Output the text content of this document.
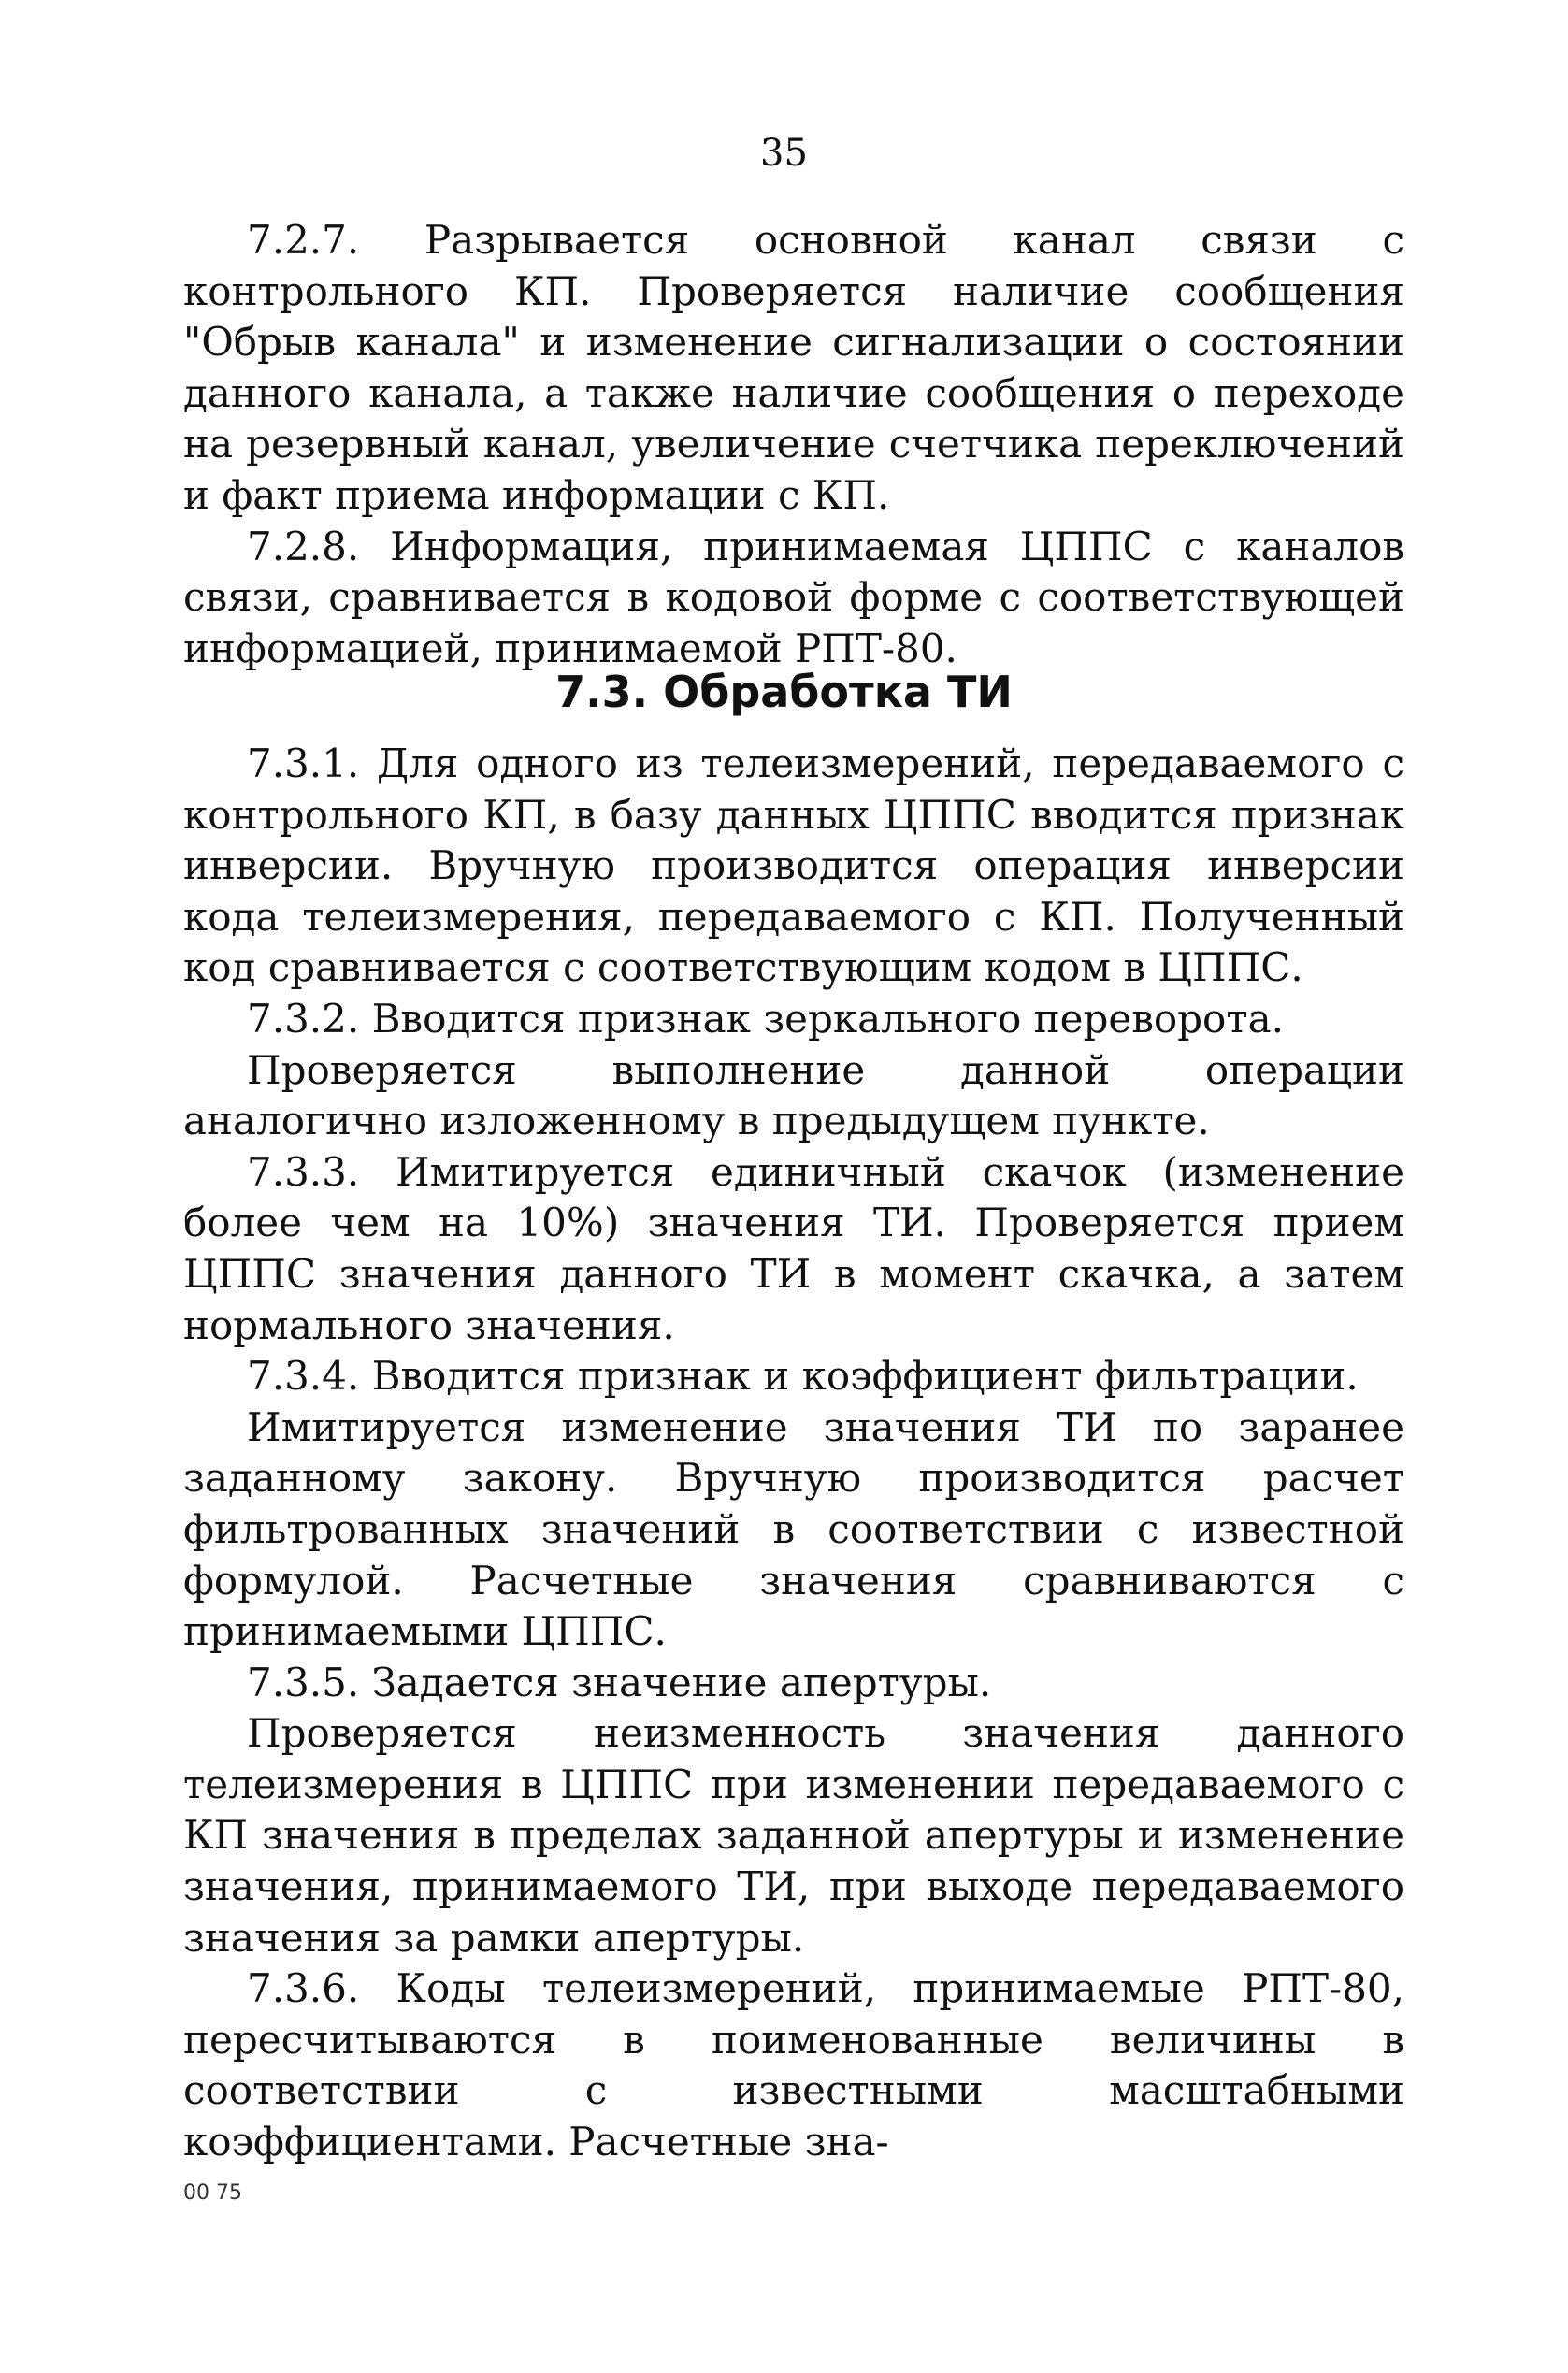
35

7.2.7. Разрывается основной канал связи с контрольного КП. Проверяется наличие сообщения "Обрыв канала" и изменение сигнализации о состоянии данного канала, а также наличие сообщения о переходе на резервный канал, увеличение счетчика переключений и факт приема информации с КП.

7.2.8. Информация, принимаемая ЦППС с каналов связи, сравнивается в кодовой форме с соответствующей информацией, принимаемой РПТ-80.

7.3. Обработка ТИ

7.3.1. Для одного из телеизмерений, передаваемого с контрольного КП, в базу данных ЦППС вводится признак инверсии. Вручную производится операция инверсии кода телеизмерения, передаваемого с КП. Полученный код сравнивается с соответствующим кодом в ЦППС.

7.3.2. Вводится признак зеркального переворота.

Проверяется выполнение данной операции аналогично изложенному в предыдущем пункте.

7.3.3. Имитируется единичный скачок (изменение более чем на 10%) значения ТИ. Проверяется прием ЦППС значения данного ТИ в момент скачка, а затем нормального значения.

7.3.4. Вводится признак и коэффициент фильтрации.

Имитируется изменение значения ТИ по заранее заданному закону. Вручную производится расчет фильтрованных значений в соответствии с известной формулой. Расчетные значения сравниваются с принимаемыми ЦППС.

7.3.5. Задается значение апертуры.

Проверяется неизменность значения данного телеизмерения в ЦППС при изменении передаваемого с КП значения в пределах заданной апертуры и изменение значения, принимаемого ТИ, при выходе передаваемого значения за рамки апертуры.

7.3.6. Коды телеизмерений, принимаемые РПТ-80, пересчитываются в поименованные величины в соответствии с известными масштабными коэффициентами. Расчетные зна-

00 75
